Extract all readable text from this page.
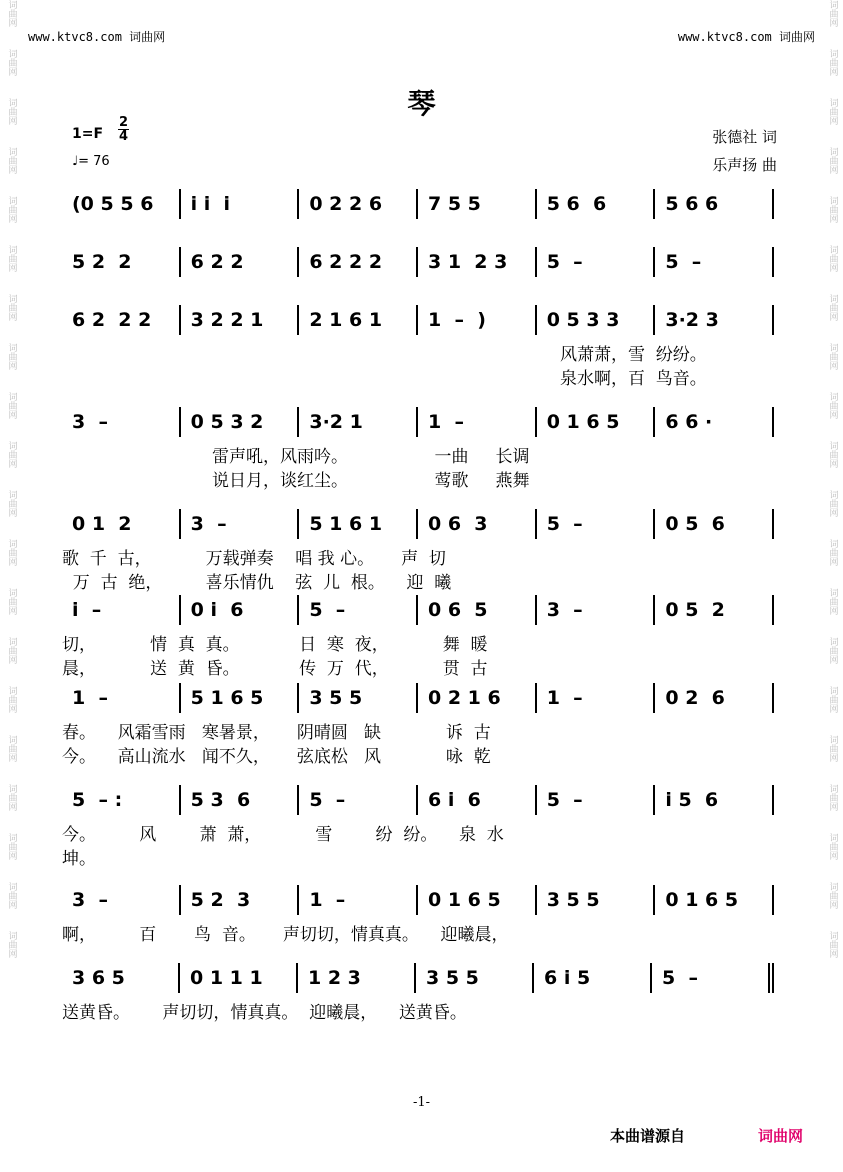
词曲网
词曲网
词曲网
词曲网
词曲网
词曲网
词曲网
词曲网
词曲网
词曲网
词曲网
词曲网
词曲网
词曲网
词曲网
词曲网
词曲网
词曲网
词曲网
词曲网
词曲网
词曲网
词曲网
词曲网
词曲网
词曲网
词曲网
词曲网
词曲网
词曲网
词曲网
词曲网
词曲网
词曲网
词曲网
词曲网
词曲网
词曲网
词曲网
词曲网
www.ktvc8.com 词曲网	www.ktvc8.com 词曲网
琴
1=F
2
4
♩= 76
张德社 词
乐声扬 曲
(0 5 5 6	i i  i	0 2 2 6	7 5 5	5 6  6	5 6 6
5 2  2	6 2 2	6 2 2 2	3 1  2 3	5  –	5  –
6 2  2 2	3 2 2 1	2 1 6 1	1  –  )	0 5 3 3	3·2 3
风萧萧，雪  纷纷。
泉水啊，百  鸟音。
3  –	0 5 3 2	3·2 1	1  –	0 1 6 5	6 6 ·
雷声吼，风雨吟。                一曲     长调
说日月，谈红尘。                莺歌     燕舞
0 1  2	3  –	5 1 6 1	0 6  3	5  –	0 5  6
歌  千  古，          万载弹奏    唱 我 心。     声  切
万  古  绝，        喜乐情仇    弦  儿  根。    迎  曦
i  –	0 i  6	5  –	0 6  5	3  –	0 5  2
切，          情  真  真。           日  寒  夜，          舞  暖
晨，          送  黄  昏。           传  万  代，          贯  古
1  –	5 1 6 5	3 5 5	0 2 1 6	1  –	0 2  6
春。    风霜雪雨   寒暑景，     阴晴圆   缺            诉  古
今。    高山流水   闻不久，     弦底松   风            咏  乾
5  – :	5 3  6	5  –	6 i  6	5  –	i 5  6
今。        风        萧  萧，          雪        纷  纷。    泉  水
坤。
3  –	5 2  3	1  –	0 1 6 5	3 5 5	0 1 6 5
啊，        百       鸟  音。     声切切，情真真。    迎曦晨，
3 6 5	0 1 1 1	1 2 3	3 5 5	6 i 5	5  –
送黄昏。      声切切，情真真。  迎曦晨，    送黄昏。
-1-
本曲谱源自	词曲网
